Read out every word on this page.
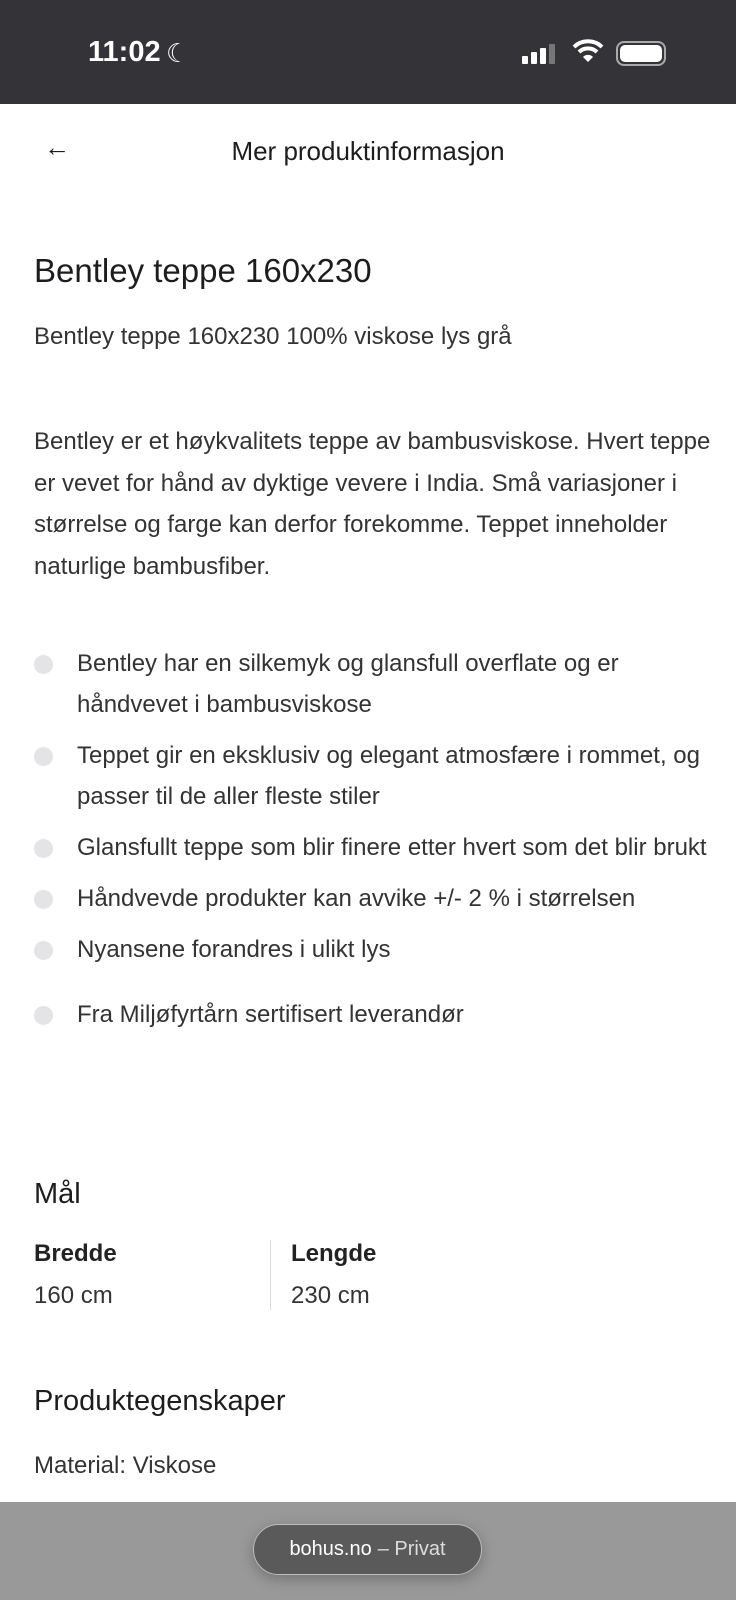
11:02 ☾
←	Mer produktinformasjon
Bentley teppe 160x230
Bentley teppe 160x230 100% viskose lys grå
Bentley er et høykvalitets teppe av bambusviskose. Hvert teppe er vevet for hånd av dyktige vevere i India. Små variasjoner i størrelse og farge kan derfor forekomme. Teppet inneholder naturlige bambusfiber.
Bentley har en silkemyk og glansfull overflate og er håndvevet i bambusviskose
Teppet gir en eksklusiv og elegant atmosfære i rommet, og passer til de aller fleste stiler
Glansfullt teppe som blir finere etter hvert som det blir brukt
Håndvevde produkter kan avvike +/- 2 % i størrelsen
Nyansene forandres i ulikt lys
Fra Miljøfyrtårn sertifisert leverandør
Mål
Bredde
160 cm
Lengde
230 cm
Produktegenskaper
Material: Viskose
bohus.no – Privat
